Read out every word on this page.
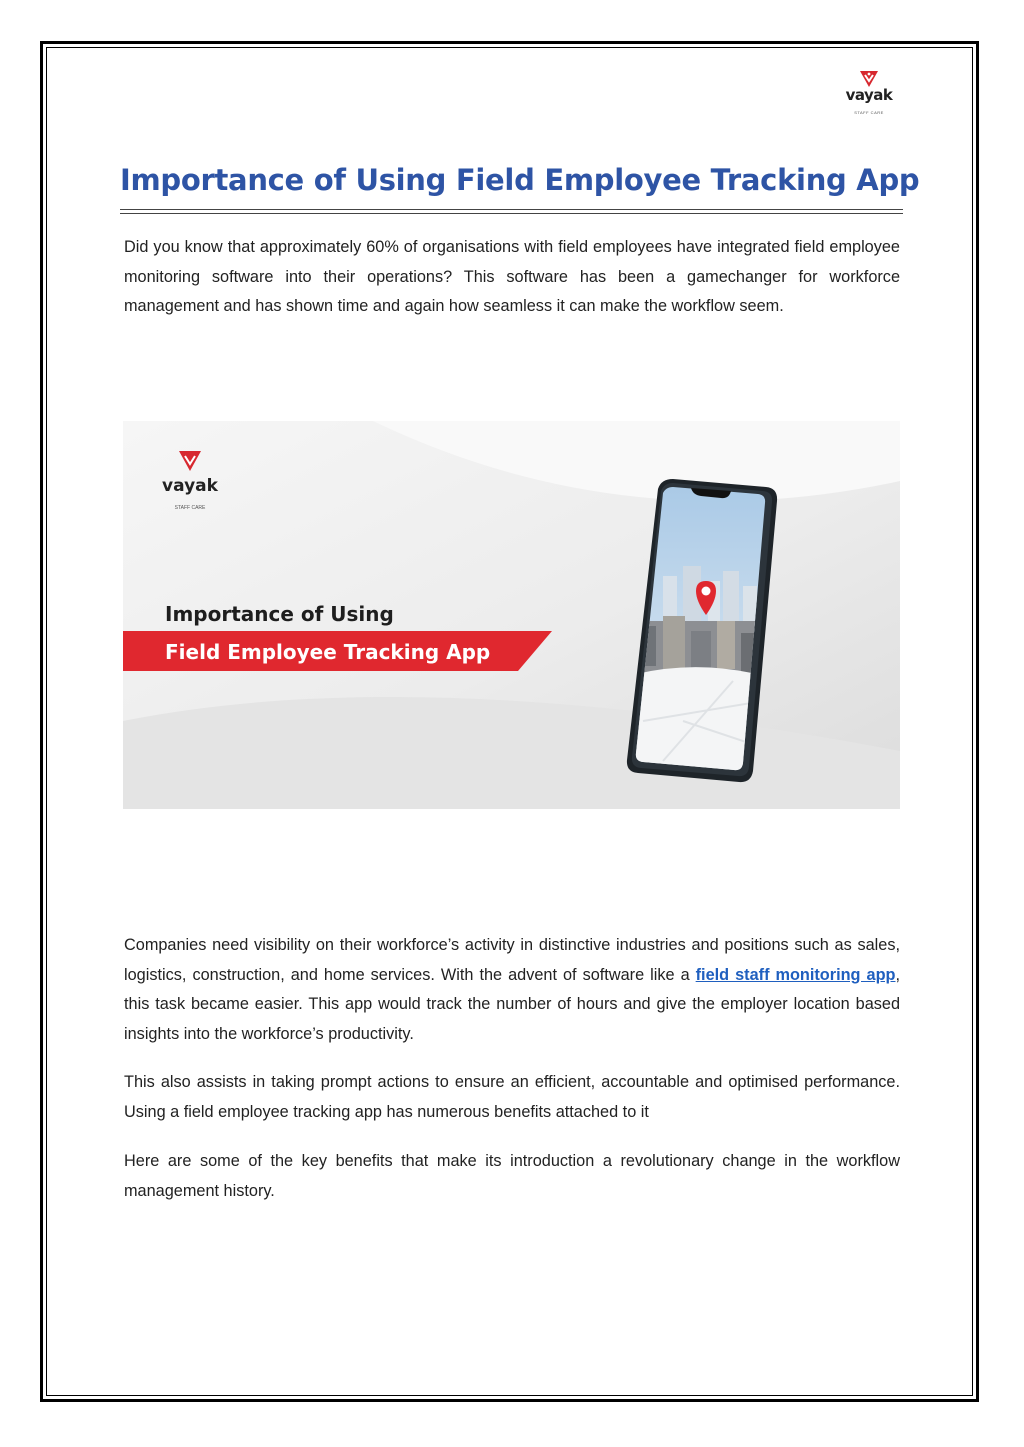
vayak
STAFF CARE
Importance of Using Field Employee Tracking App

Did you know that approximately 60% of organisations with field employees have integrated field employee monitoring software into their operations? This software has been a gamechanger for workforce management and has shown time and again how seamless it can make the workflow seem.

vayak
STAFF CARE
Importance of Using
Field Employee Tracking App

Companies need visibility on their workforce’s activity in distinctive industries and positions such as sales, logistics, construction, and home services. With the advent of software like a field staff monitoring app, this task became easier. This app would track the number of hours and give the employer location based insights into the workforce’s productivity.

This also assists in taking prompt actions to ensure an efficient, accountable and optimised performance. Using a field employee tracking app has numerous benefits attached to it

Here are some of the key benefits that make its introduction a revolutionary change in the workflow management history.
